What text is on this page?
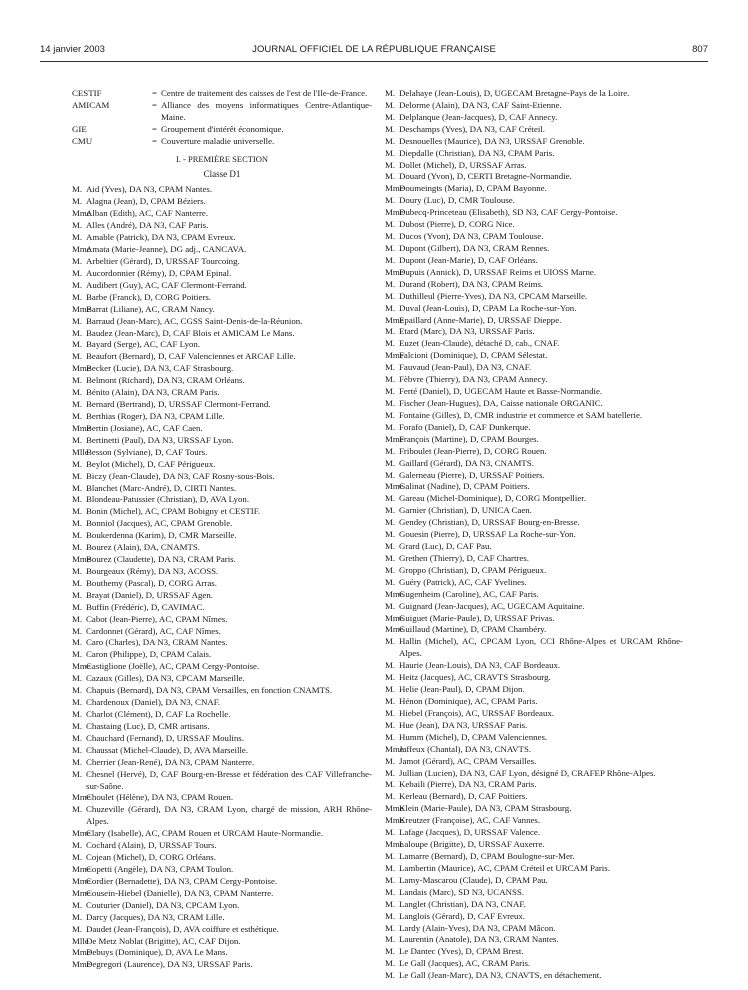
14 janvier 2003	JOURNAL OFFICIEL DE LA RÉPUBLIQUE FRANÇAISE	807
CESTIF	= Centre de traitement des caisses de l'est de l'Ile-de-France.
AMICAM	= Alliance des moyens informatiques Centre-Atlantique-Maine.
GIE	= Groupement d'intérêt économique.
CMU	= Couverture maladie universelle.
I. - PREMIÈRE SECTION
Classe D1
M. Aid (Yves), DA N3, CPAM Nantes.
M. Alagna (Jean), D, CPAM Béziers.
MmeAlban (Edith), AC, CAF Nanterre.
M. Alles (André), DA N3, CAF Paris.
M. Amable (Patrick), DA N3, CPAM Evreux.
MmeAmata (Marie-Jeanne), DG adj., CANCAVA.
M. Arbeltier (Gérard), D, URSSAF Tourcoing.
M. Aucordonnier (Rémy), D, CPAM Epinal.
M. Audibert (Guy), AC, CAF Clermont-Ferrand.
M. Barbe (Franck), D, CORG Poitiers.
MmeBarrat (Liliane), AC, CRAM Nancy.
M. Barraud (Jean-Marc), AC, CGSS Saint-Denis-de-la-Réunion.
M. Baudez (Jean-Marc), D, CAF Blois et AMICAM Le Mans.
M. Bayard (Serge), AC, CAF Lyon.
M. Beaufort (Bernard), D, CAF Valenciennes et ARCAF Lille.
MmeBecker (Lucie), DA N3, CAF Strasbourg.
M. Belmont (Richard), DA N3, CRAM Orléans.
M. Bénito (Alain), DA N3, CRAM Paris.
M. Bernard (Bertrand), D, URSSAF Clermont-Ferrand.
M. Berthias (Roger), DA N3, CPAM Lille.
MmeBertin (Josiane), AC, CAF Caen.
M. Bertinetti (Paul), DA N3, URSSAF Lyon.
MlleBesson (Sylviane), D, CAF Tours.
M. Beylot (Michel), D, CAF Périgueux.
M. Biczy (Jean-Claude), DA N3, CAF Rosny-sous-Bois.
M. Blanchet (Marc-André), D, CIRTI Nantes.
M. Blondeau-Patussier (Christian), D, AVA Lyon.
M. Bonin (Michel), AC, CPAM Bobigny et CESTIF.
M. Bonniol (Jacques), AC, CPAM Grenoble.
M. Boukerdenna (Karim), D, CMR Marseille.
M. Bourez (Alain), DA, CNAMTS.
MmeBourez (Claudette), DA N3, CRAM Paris.
M. Bourgeaux (Rémy), DA N3, ACOSS.
M. Bouthemy (Pascal), D, CORG Arras.
M. Brayat (Daniel), D, URSSAF Agen.
M. Buffin (Frédéric), D, CAVIMAC.
M. Cabot (Jean-Pierre), AC, CPAM Nîmes.
M. Cardonnet (Gérard), AC, CAF Nîmes.
M. Caro (Charles), DA N3, CRAM Nantes.
M. Caron (Philippe), D, CPAM Calais.
MmeCastiglione (Joëlle), AC, CPAM Cergy-Pontoise.
M. Cazaux (Gilles), DA N3, CPCAM Marseille.
M. Chapuis (Bernard), DA N3, CPAM Versailles, en fonction CNAMTS.
M. Chardenoux (Daniel), DA N3, CNAF.
M. Charlot (Clément), D, CAF La Rochelle.
M. Chastaing (Luc), D, CMR artisans.
M. Chauchard (Fernand), D, URSSAF Moulins.
M. Chaussat (Michel-Claude), D, AVA Marseille.
M. Cherrier (Jean-René), DA N3, CPAM Nanterre.
M. Chesnel (Hervé), D, CAF Bourg-en-Bresse et fédération des CAF Villefranche-sur-Saône.
MmeChoulet (Hélène), DA N3, CPAM Rouen.
M. Chuzeville (Gérard), DA N3, CRAM Lyon, chargé de mission, ARH Rhône-Alpes.
MmeClary (Isabelle), AC, CPAM Rouen et URCAM Haute-Normandie.
M. Cochard (Alain), D, URSSAF Tours.
M. Cojean (Michel), D, CORG Orléans.
MmeCopetti (Angèle), DA N3, CPAM Toulon.
MmeCordier (Bernadette), DA N3, CPAM Cergy-Pontoise.
MmeCousein-Hiebel (Danielle), DA N3, CPAM Nanterre.
M. Couturier (Daniel), DA N3, CPCAM Lyon.
M. Darcy (Jacques), DA N3, CRAM Lille.
M. Daudet (Jean-François), D, AVA coiffure et esthétique.
MlleDe Metz Noblat (Brigitte), AC, CAF Dijon.
MmeDebuys (Dominique), D, AVA Le Mans.
MmeDegregori (Laurence), DA N3, URSSAF Paris.
M. Delahaye (Jean-Louis), D, UGECAM Bretagne-Pays de la Loire.
M. Delorme (Alain), DA N3, CAF Saint-Etienne.
M. Delplanque (Jean-Jacques), D, CAF Annecy.
M. Deschamps (Yves), DA N3, CAF Créteil.
M. Desnouelles (Maurice), DA N3, URSSAF Grenoble.
M. Diepdalle (Christian), DA N3, CPAM Paris.
M. Dollet (Michel), D, URSSAF Arras.
M. Douard (Yvon), D, CERTI Bretagne-Normandie.
MmeDoumeingts (Maria), D, CPAM Bayonne.
M. Doury (Luc), D, CMR Toulouse.
MmeDubecq-Princeteau (Elisabeth), SD N3, CAF Cergy-Pontoise.
M. Dubost (Pierre), D, CORG Nice.
M. Ducos (Yvon), DA N3, CPAM Toulouse.
M. Dupont (Gilbert), DA N3, CRAM Rennes.
M. Dupont (Jean-Marie), D, CAF Orléans.
MmeDupuis (Annick), D, URSSAF Reims et UIOSS Marne.
M. Durand (Robert), DA N3, CPAM Reims.
M. Duthilleul (Pierre-Yves), DA N3, CPCAM Marseille.
M. Duval (Jean-Louis), D, CPAM La Roche-sur-Yon.
MmeEpaillard (Anne-Marie), D, URSSAF Dieppe.
M. Etard (Marc), DA N3, URSSAF Paris.
M. Euzet (Jean-Claude), détaché D, cab., CNAF.
MmeFalcioni (Dominique), D, CPAM Sélestat.
M. Fauvaud (Jean-Paul), DA N3, CNAF.
M. Fèbvre (Thierry), DA N3, CPAM Annecy.
M. Ferté (Daniel), D, UGECAM Haute et Basse-Normandie.
M. Fischer (Jean-Hugues), DA, Caisse nationale ORGANIC.
M. Fontaine (Gilles), D, CMR industrie et commerce et SAM batellerie.
M. Forafo (Daniel), D, CAF Dunkerque.
MmeFrançois (Martine), D, CPAM Bourges.
M. Friboulet (Jean-Pierre), D, CORG Rouen.
M. Gaillard (Gérard), DA N3, CNAMTS.
M. Galerneau (Pierre), D, URSSAF Poitiers.
MmeGalinat (Nadine), D, CPAM Poitiers.
M. Gareau (Michel-Dominique), D, CORG Montpellier.
M. Garnier (Christian), D, UNICA Caen.
M. Gendey (Christian), D, URSSAF Bourg-en-Bresse.
M. Gouesin (Pierre), D, URSSAF La Roche-sur-Yon.
M. Grard (Luc), D, CAF Pau.
M. Grethen (Thierry), D, CAF Chartres.
M. Groppo (Christian), D, CPAM Périgueux.
M. Guéry (Patrick), AC, CAF Yvelines.
MmeGugenheim (Caroline), AC, CAF Paris.
M. Guignard (Jean-Jacques), AC, UGECAM Aquitaine.
MmeGuiguet (Marie-Paule), D, URSSAF Privas.
MmeGuillaud (Martine), D, CPAM Chambéry.
M. Hallin (Michel), AC, CPCAM Lyon, CCI Rhône-Alpes et URCAM Rhône-Alpes.
M. Haurie (Jean-Louis), DA N3, CAF Bordeaux.
M. Heitz (Jacques), AC, CRAVTS Strasbourg.
M. Helie (Jean-Paul), D, CPAM Dijon.
M. Hénon (Dominique), AC, CPAM Paris.
M. Hiebel (François), AC, URSSAF Bordeaux.
M. Hue (Jean), DA N3, URSSAF Paris.
M. Humm (Michel), D, CPAM Valenciennes.
MmeJaffeux (Chantal), DA N3, CNAVTS.
M. Jamot (Gérard), AC, CPAM Versailles.
M. Jullian (Lucien), DA N3, CAF Lyon, désigné D, CRAFEP Rhône-Alpes.
M. Kebaili (Pierre), DA N3, CRAM Paris.
M. Kerleau (Bernard), D, CAF Poitiers.
MmeKlein (Marie-Paule), DA N3, CPAM Strasbourg.
MmeKreutzer (Françoise), AC, CAF Vannes.
M. Lafage (Jacques), D, URSSAF Valence.
MmeLaloupe (Brigitte), D, URSSAF Auxerre.
M. Lamarre (Bernard), D, CPAM Boulogne-sur-Mer.
M. Lambertin (Maurice), AC, CPAM Créteil et URCAM Paris.
M. Lamy-Mascarou (Claude), D, CPAM Pau.
M. Landais (Marc), SD N3, UCANSS.
M. Langlet (Christian), DA N3, CNAF.
M. Langlois (Gérard), D, CAF Evreux.
M. Lardy (Alain-Yves), DA N3, CPAM Mâcon.
M. Laurentin (Anatole), DA N3, CRAM Nantes.
M. Le Dantec (Yves), D, CPAM Brest.
M. Le Gall (Jacques), AC, CRAM Paris.
M. Le Gall (Jean-Marc), DA N3, CNAVTS, en détachement.
